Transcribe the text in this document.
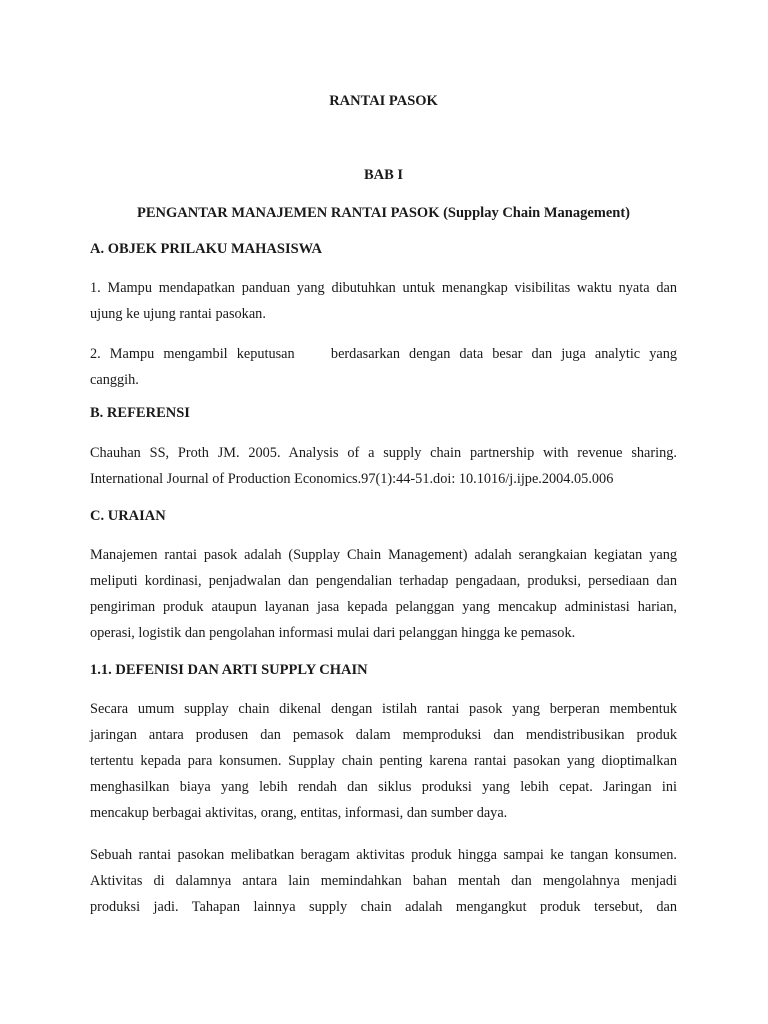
RANTAI PASOK
BAB I
PENGANTAR MANAJEMEN RANTAI PASOK (Supplay Chain Management)
A. OBJEK PRILAKU MAHASISWA
1. Mampu mendapatkan panduan yang dibutuhkan untuk menangkap visibilitas waktu nyata dan
ujung ke ujung rantai pasokan.
2. Mampu mengambil keputusan    berdasarkan dengan data besar dan juga analytic yang
canggih.
B. REFERENSI
Chauhan SS, Proth JM. 2005. Analysis of a supply chain partnership with revenue sharing.
International Journal of Production Economics.97(1):44-51.doi: 10.1016/j.ijpe.2004.05.006
C. URAIAN
Manajemen rantai pasok adalah (Supplay Chain Management) adalah serangkaian kegiatan yang
meliputi kordinasi, penjadwalan dan pengendalian terhadap pengadaan, produksi, persediaan dan
pengiriman produk ataupun layanan jasa kepada pelanggan yang mencakup administasi harian,
operasi, logistik dan pengolahan informasi mulai dari pelanggan hingga ke pemasok.
1.1. DEFENISI DAN ARTI SUPPLY CHAIN
Secara umum supplay chain dikenal dengan istilah rantai pasok yang berperan membentuk
jaringan antara produsen dan pemasok dalam memproduksi dan mendistribusikan produk
tertentu kepada para konsumen. Supplay chain penting karena rantai pasokan yang dioptimalkan
menghasilkan biaya yang lebih rendah dan siklus produksi yang lebih cepat. Jaringan ini
mencakup berbagai aktivitas, orang, entitas, informasi, dan sumber daya.
Sebuah rantai pasokan melibatkan beragam aktivitas produk hingga sampai ke tangan konsumen.
Aktivitas di dalamnya antara lain memindahkan bahan mentah dan mengolahnya menjadi
produksi jadi. Tahapan lainnya supply chain adalah mengangkut produk tersebut, dan
